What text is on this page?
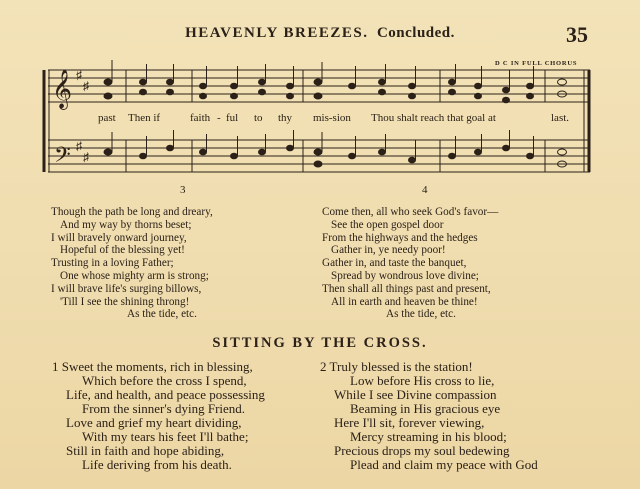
HEAVENLY BREEZES. Concluded.	35
𝄞
𝄢
♯
♯
♯
♯
D C IN FULL CHORUS
past Then if	faith - ful to thy mis-sion Thou shalt reach that goal at	last.
3	4
Though the path be long and dreary,
And my way by thorns beset;
I will bravely onward journey,
Hopeful of the blessing yet!
Trusting in a loving Father;
One whose mighty arm is strong;
I will brave life's surging billows,
'Till I see the shining throng!
As the tide, etc.
Come then, all who seek God's favor—
See the open gospel door
From the highways and the hedges
Gather in, ye needy poor!
Gather in, and taste the banquet,
Spread by wondrous love divine;
Then shall all things past and present,
All in earth and heaven be thine!
As the tide, etc.
SITTING BY THE CROSS.
1 Sweet the moments, rich in blessing,
Which before the cross I spend,
Life, and health, and peace possessing
From the sinner's dying Friend.
Love and grief my heart dividing,
With my tears his feet I'll bathe;
Still in faith and hope abiding,
Life deriving from his death.
2 Truly blessed is the station!
Low before His cross to lie,
While I see Divine compassion
Beaming in His gracious eye
Here I'll sit, forever viewing,
Mercy streaming in his blood;
Precious drops my soul bedewing
Plead and claim my peace with God
